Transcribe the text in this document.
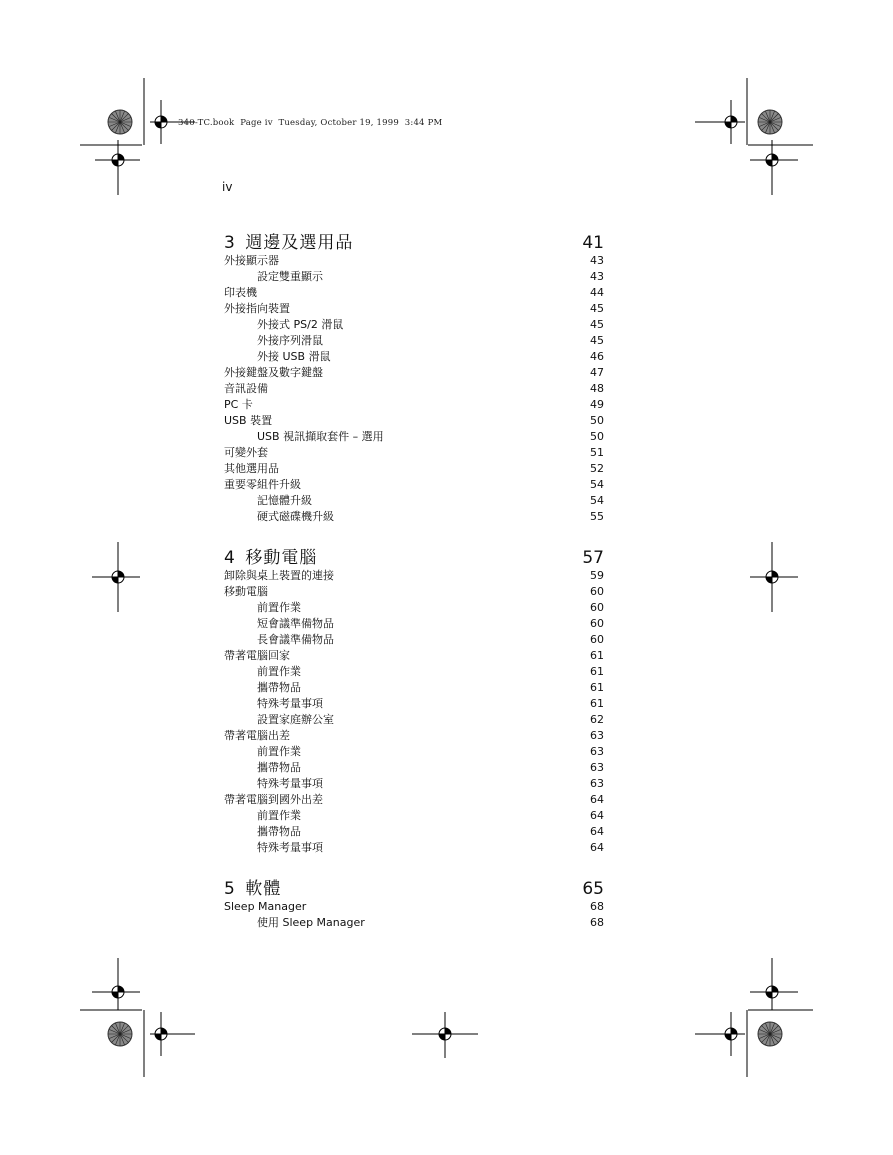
340-TC.book  Page iv  Tuesday, October 19, 1999  3:44 PM
iv
3  週邊及選用品	41
外接顯示器	43
設定雙重顯示	43
印表機	44
外接指向裝置	45
外接式 PS/2 滑鼠	45
外接序列滑鼠	45
外接 USB 滑鼠	46
外接鍵盤及數字鍵盤	47
音訊設備	48
PC 卡	49
USB 裝置	50
USB 視訊擷取套件 – 選用	50
可變外套	51
其他選用品	52
重要零組件升級	54
記憶體升級	54
硬式磁碟機升級	55
4  移動電腦	57
卸除與桌上裝置的連接	59
移動電腦	60
前置作業	60
短會議準備物品	60
長會議準備物品	60
帶著電腦回家	61
前置作業	61
攜帶物品	61
特殊考量事項	61
設置家庭辦公室	62
帶著電腦出差	63
前置作業	63
攜帶物品	63
特殊考量事項	63
帶著電腦到國外出差	64
前置作業	64
攜帶物品	64
特殊考量事項	64
5  軟體	65
Sleep Manager	68
使用 Sleep Manager	68
